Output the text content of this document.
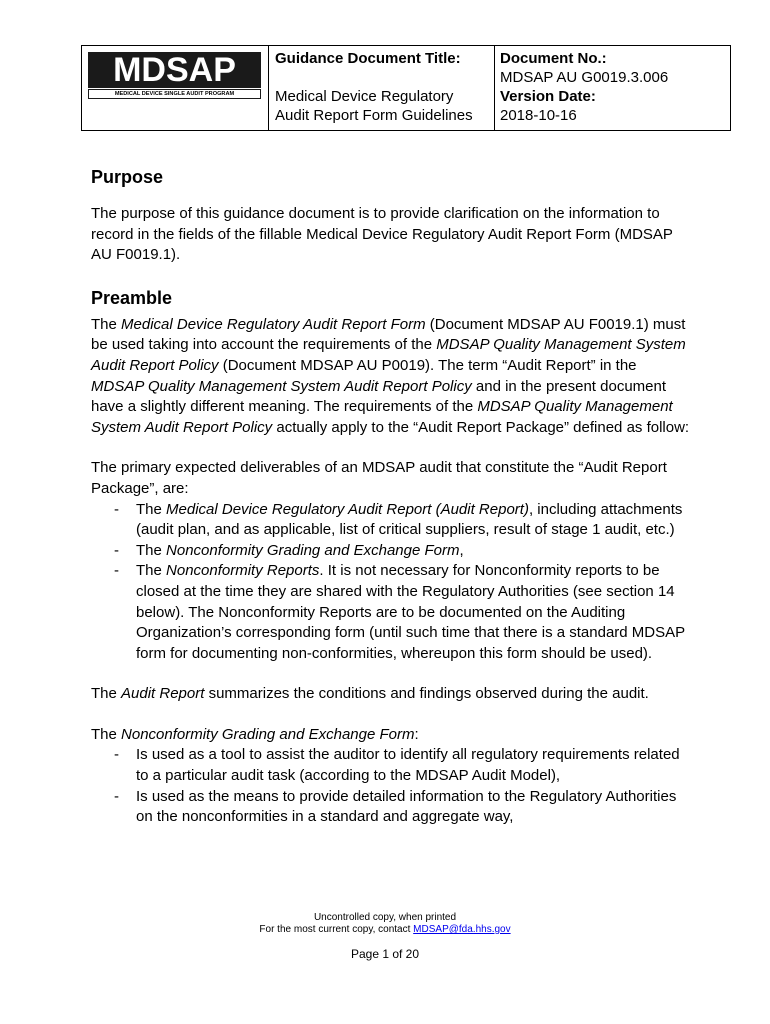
MDSAP
MEDICAL DEVICE SINGLE AUDIT PROGRAM
Guidance Document Title:
Medical Device Regulatory
Audit Report Form Guidelines
Document No.:
MDSAP AU G0019.3.006
Version Date:
2018-10-16
Purpose

The purpose of this guidance document is to provide clarification on the information to record in the fields of the fillable Medical Device Regulatory Audit Report Form (MDSAP AU F0019.1).

Preamble

The Medical Device Regulatory Audit Report Form (Document MDSAP AU F0019.1) must be used taking into account the requirements of the MDSAP Quality Management System Audit Report Policy (Document MDSAP AU P0019). The term “Audit Report” in the MDSAP Quality Management System Audit Report Policy and in the present document have a slightly different meaning. The requirements of the MDSAP Quality Management System Audit Report Policy actually apply to the “Audit Report Package” defined as follow:

The primary expected deliverables of an MDSAP audit that constitute the “Audit Report Package”, are:

- The Medical Device Regulatory Audit Report (Audit Report), including attachments (audit plan, and as applicable, list of critical suppliers, result of stage 1 audit, etc.)
- The Nonconformity Grading and Exchange Form,
- The Nonconformity Reports. It is not necessary for Nonconformity reports to be closed at the time they are shared with the Regulatory Authorities (see section 14 below). The Nonconformity Reports are to be documented on the Auditing Organization’s corresponding form (until such time that there is a standard MDSAP form for documenting non-conformities, whereupon this form should be used).

The Audit Report summarizes the conditions and findings observed during the audit.

The Nonconformity Grading and Exchange Form:

- Is used as a tool to assist the auditor to identify all regulatory requirements related to a particular audit task (according to the MDSAP Audit Model),
- Is used as the means to provide detailed information to the Regulatory Authorities on the nonconformities in a standard and aggregate way,
Uncontrolled copy, when printed
For the most current copy, contact MDSAP@fda.hhs.gov
Page 1 of 20
